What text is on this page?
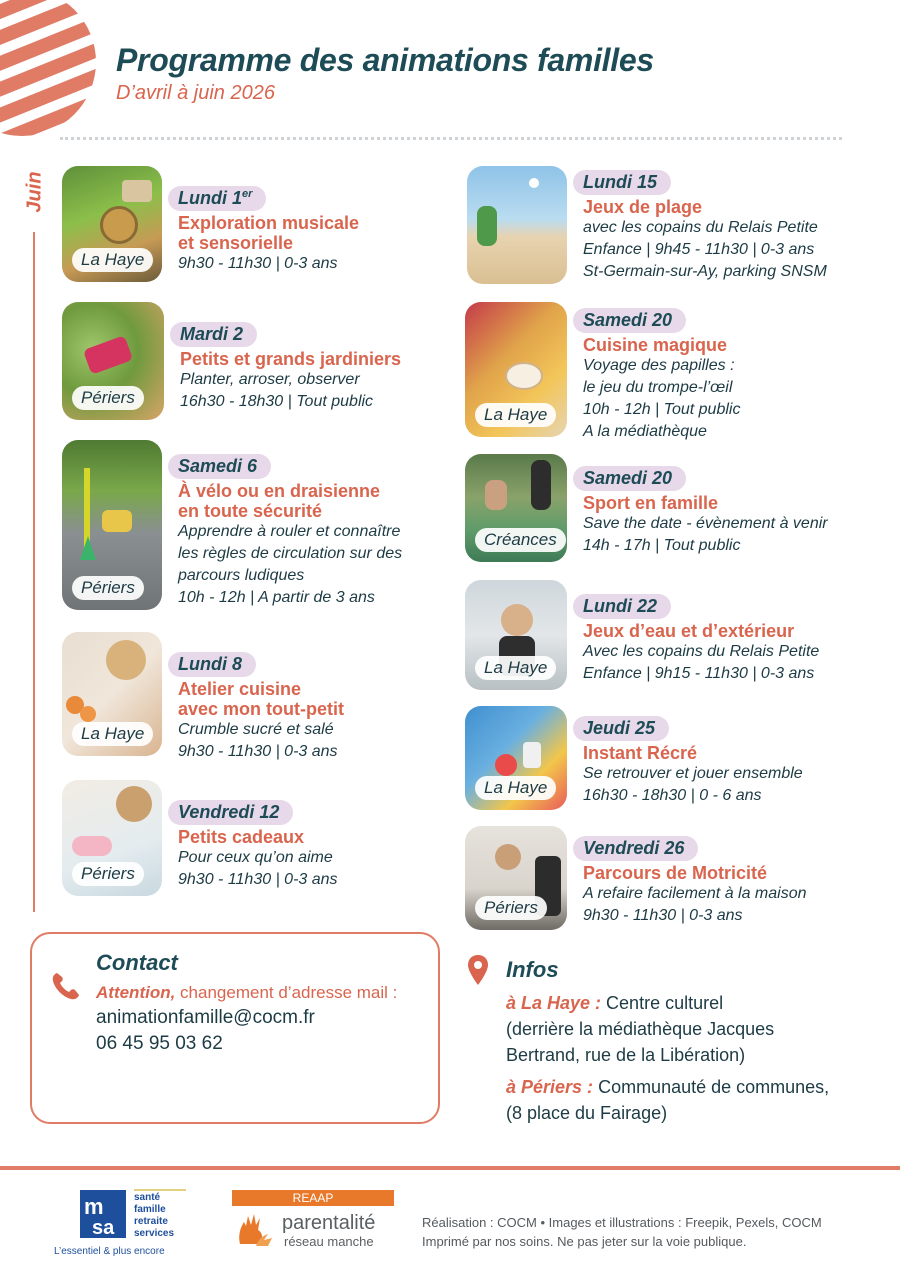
Programme des animations familles
D’avril à juin 2026
Juin
La Haye
Lundi 1er
Exploration musicale
et sensorielle
9h30 - 11h30 | 0-3 ans
Périers
Mardi 2
Petits et grands jardiniers
Planter, arroser, observer
16h30 - 18h30 | Tout public
Périers
Samedi 6
À vélo ou en draisienne
en toute sécurité
Apprendre à rouler et connaître
les règles de circulation sur des
parcours ludiques
10h - 12h | A partir de 3 ans
La Haye
Lundi 8
Atelier cuisine
avec mon tout-petit
Crumble sucré et salé
9h30 - 11h30 | 0-3 ans
Périers
Vendredi 12
Petits cadeaux
Pour ceux qu’on aime
9h30 - 11h30 | 0-3 ans
Lundi 15
Jeux de plage
avec les copains du Relais Petite
Enfance | 9h45 - 11h30 | 0-3 ans
St-Germain-sur-Ay, parking SNSM
La Haye
Samedi 20
Cuisine magique
Voyage des papilles :
le jeu du trompe-l’œil
10h - 12h | Tout public
A la médiathèque
Créances
Samedi 20
Sport en famille
Save the date - évènement à venir
14h - 17h | Tout public
La Haye
Lundi 22
Jeux d’eau et d’extérieur
Avec les copains du Relais Petite
Enfance | 9h15 - 11h30 | 0-3 ans
La Haye
Jeudi 25
Instant Récré
Se retrouver et jouer ensemble
16h30 - 18h30 | 0 - 6 ans
Périers
Vendredi 26
Parcours de Motricité
A refaire facilement à la maison
9h30 - 11h30 | 0-3 ans
Contact
Attention, changement d’adresse mail :
animationfamille@cocm.fr
06 45 95 03 62
Infos
à La Haye : Centre culturel
(derrière la médiathèque Jacques
Bertrand, rue de la Libération)
à Périers : Communauté de communes,
(8 place du Fairage)
m
sa
santé
famille
retraite
services
L’essentiel & plus encore
REAAP
parentalité
réseau manche
Réalisation : COCM • Images et illustrations : Freepik, Pexels, COCM
Imprimé par nos soins. Ne pas jeter sur la voie publique.
